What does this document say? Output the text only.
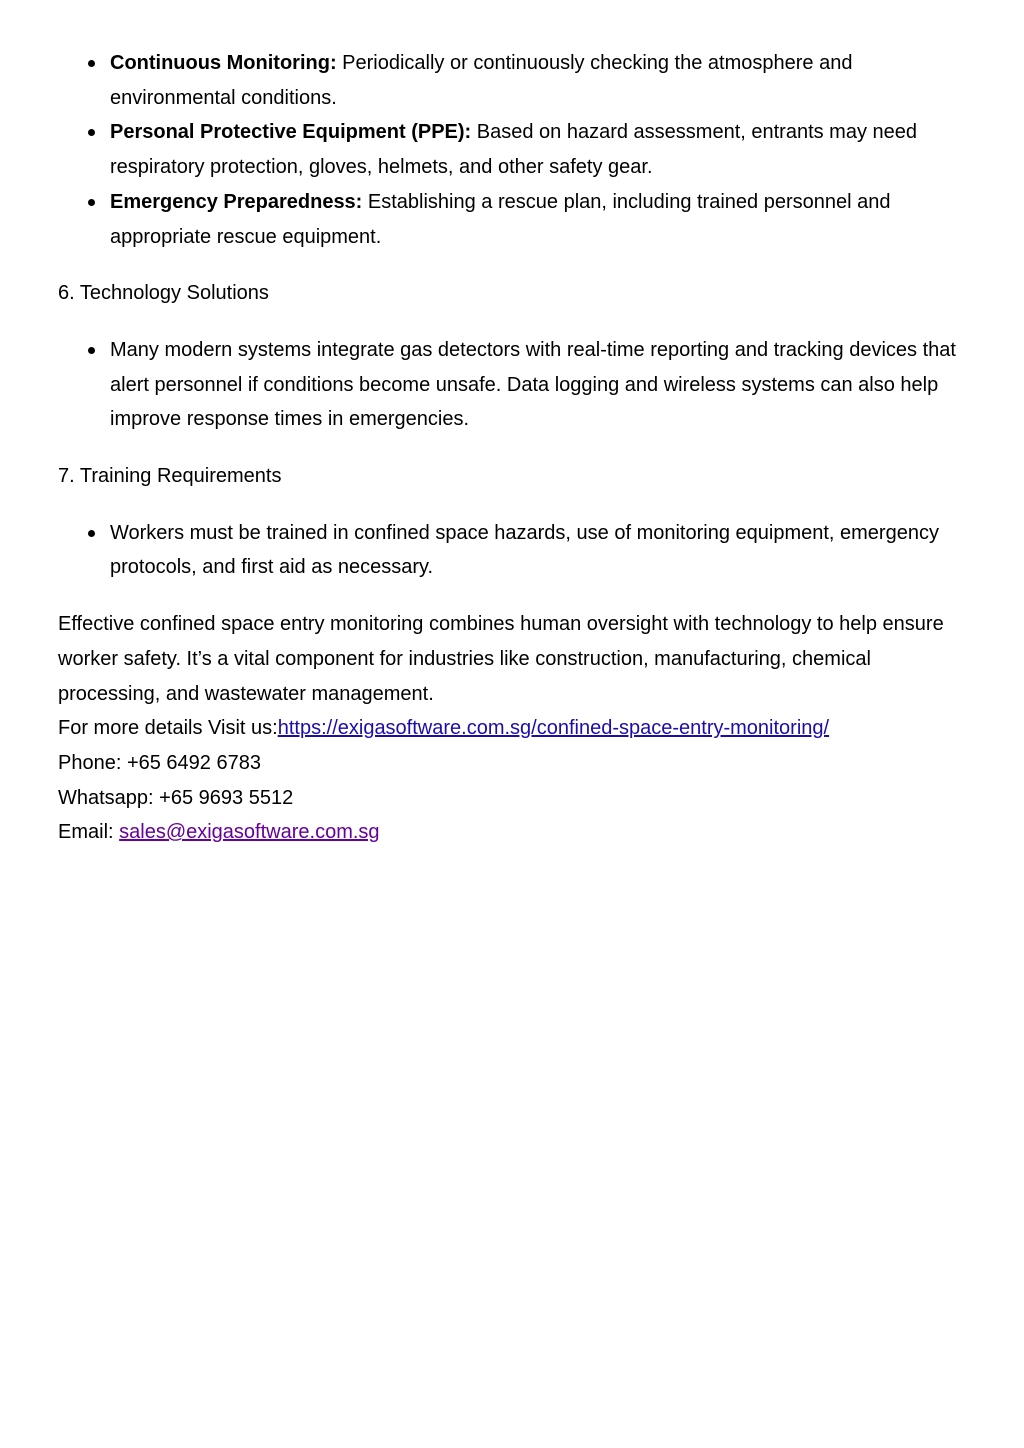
Continuous Monitoring: Periodically or continuously checking the atmosphere and environmental conditions.
Personal Protective Equipment (PPE): Based on hazard assessment, entrants may need respiratory protection, gloves, helmets, and other safety gear.
Emergency Preparedness: Establishing a rescue plan, including trained personnel and appropriate rescue equipment.

6. Technology Solutions

Many modern systems integrate gas detectors with real-time reporting and tracking devices that alert personnel if conditions become unsafe. Data logging and wireless systems can also help improve response times in emergencies.

7. Training Requirements

Workers must be trained in confined space hazards, use of monitoring equipment, emergency protocols, and first aid as necessary.

Effective confined space entry monitoring combines human oversight with technology to help ensure worker safety. It’s a vital component for industries like construction, manufacturing, chemical processing, and wastewater management.

For more details Visit us:https://exigasoftware.com.sg/confined-space-entry-monitoring/

Phone: +65 6492 6783

Whatsapp: +65 9693 5512

Email: sales@exigasoftware.com.sg
